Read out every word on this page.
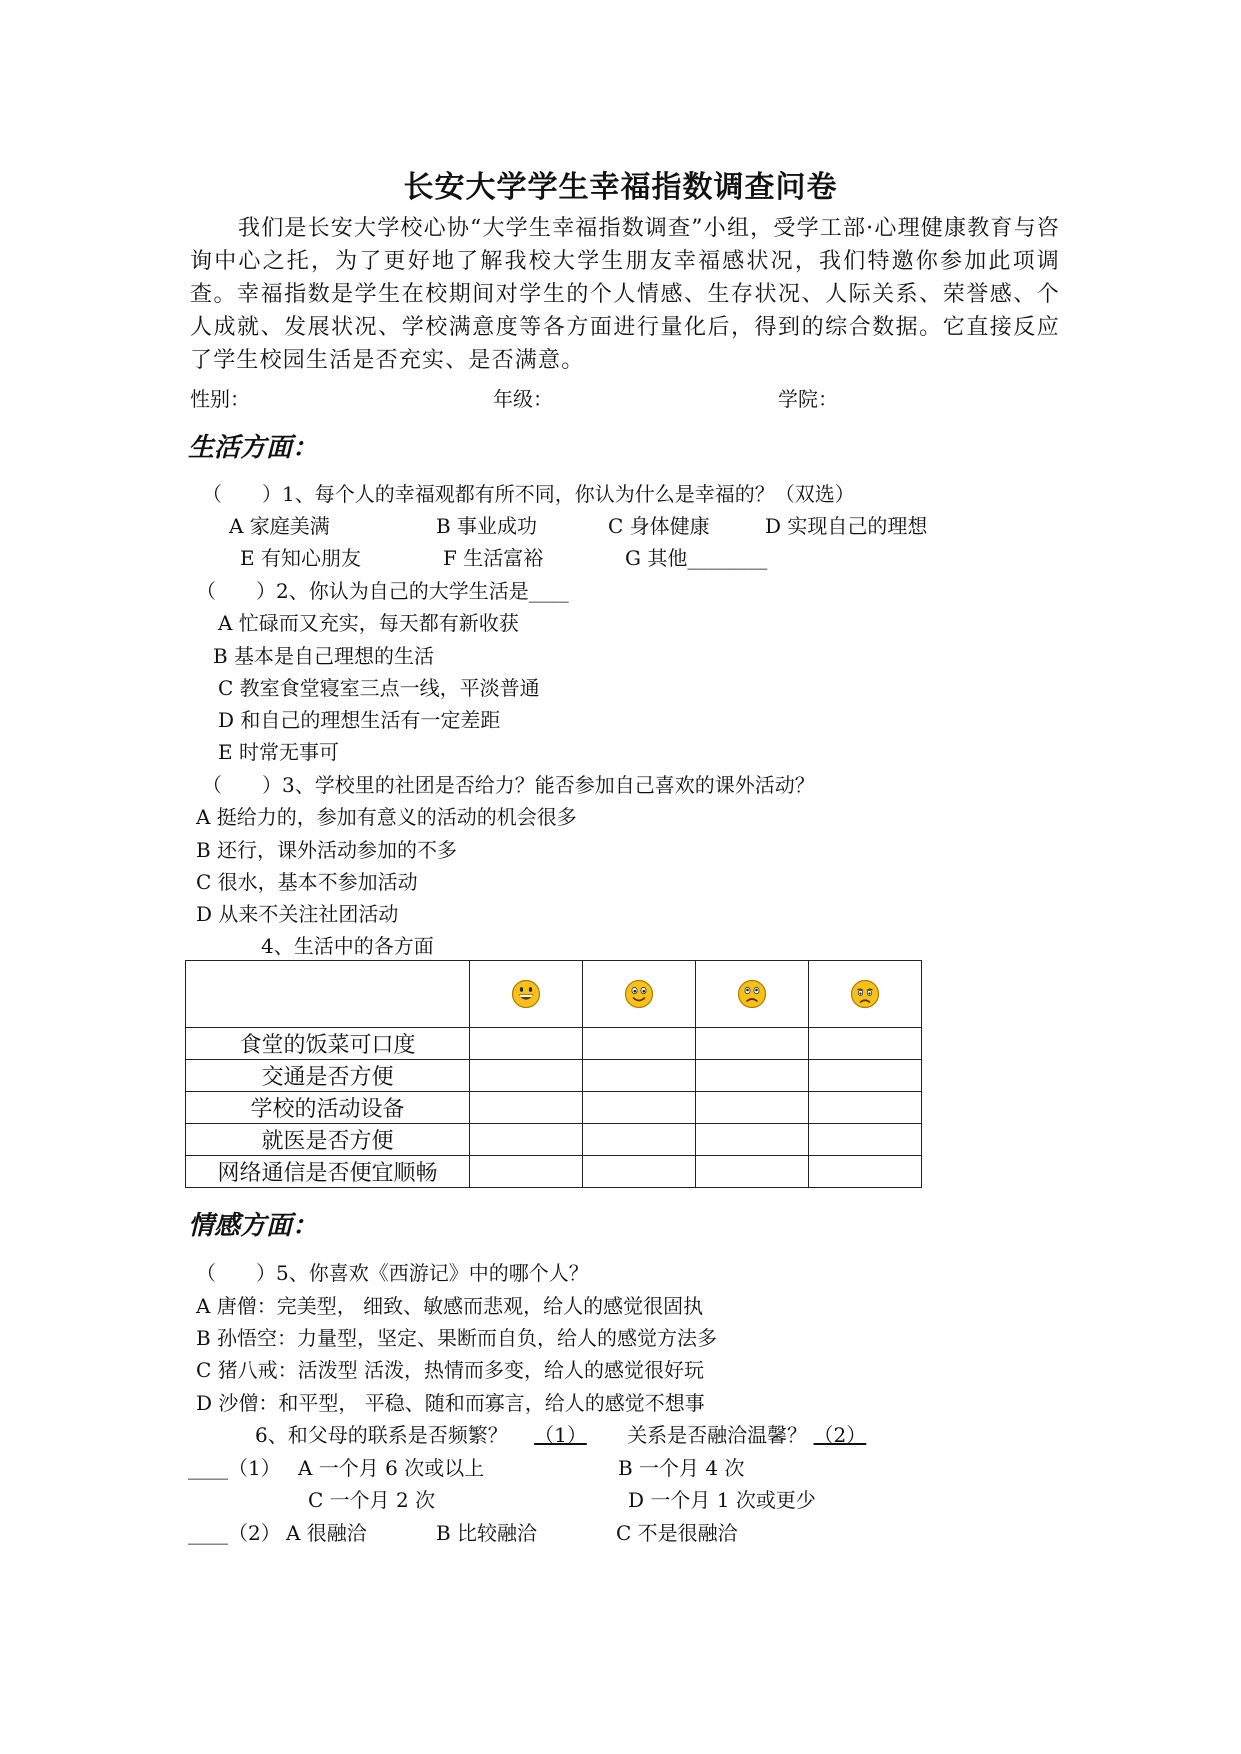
长安大学学生幸福指数调查问卷
我们是长安大学校心协“大学生幸福指数调查”小组，受学工部·心理健康教育与咨询中心之托，为了更好地了解我校大学生朋友幸福感状况，我们特邀你参加此项调查。幸福指数是学生在校期间对学生的个人情感、生存状况、人际关系、荣誉感、个人成就、发展状况、学校满意度等各方面进行量化后，得到的综合数据。它直接反应了学生校园生活是否充实、是否满意。
性别：	年级：	学院：
生活方面：
（　　）1、每个人的幸福观都有所不同，你认为什么是幸福的？（双选）
A 家庭美满	B 事业成功	C 身体健康	D 实现自己的理想
E 有知心朋友	F 生活富裕	G 其他________
（　　）2、你认为自己的大学生活是____
A 忙碌而又充实，每天都有新收获
B 基本是自己理想的生活
C 教室食堂寝室三点一线，平淡普通
D 和自己的理想生活有一定差距
E 时常无事可
（　　）3、学校里的社团是否给力？能否参加自己喜欢的课外活动？
A 挺给力的，参加有意义的活动的机会很多
B 还行，课外活动参加的不多
C 很水，基本不参加活动
D 从来不关注社团活动
4、生活中的各方面

食堂的饭菜可口度				
交通是否方便				
学校的活动设备				
就医是否方便				
网络通信是否便宜顺畅				
情感方面：
（　　）5、你喜欢《西游记》中的哪个人？
A 唐僧：完美型， 细致、敏感而悲观，给人的感觉很固执
B 孙悟空：力量型，坚定、果断而自负，给人的感觉方法多
C 猪八戒：活泼型 活泼，热情而多变，给人的感觉很好玩
D 沙僧：和平型， 平稳、随和而寡言，给人的感觉不想事
6、和父母的联系是否频繁？ （1） 关系是否融洽温馨？ （2）
____（1） A 一个月 6 次或以上	B 一个月 4 次
C 一个月 2 次	D 一个月 1 次或更少
____（2） A 很融洽	B 比较融洽	C 不是很融洽
